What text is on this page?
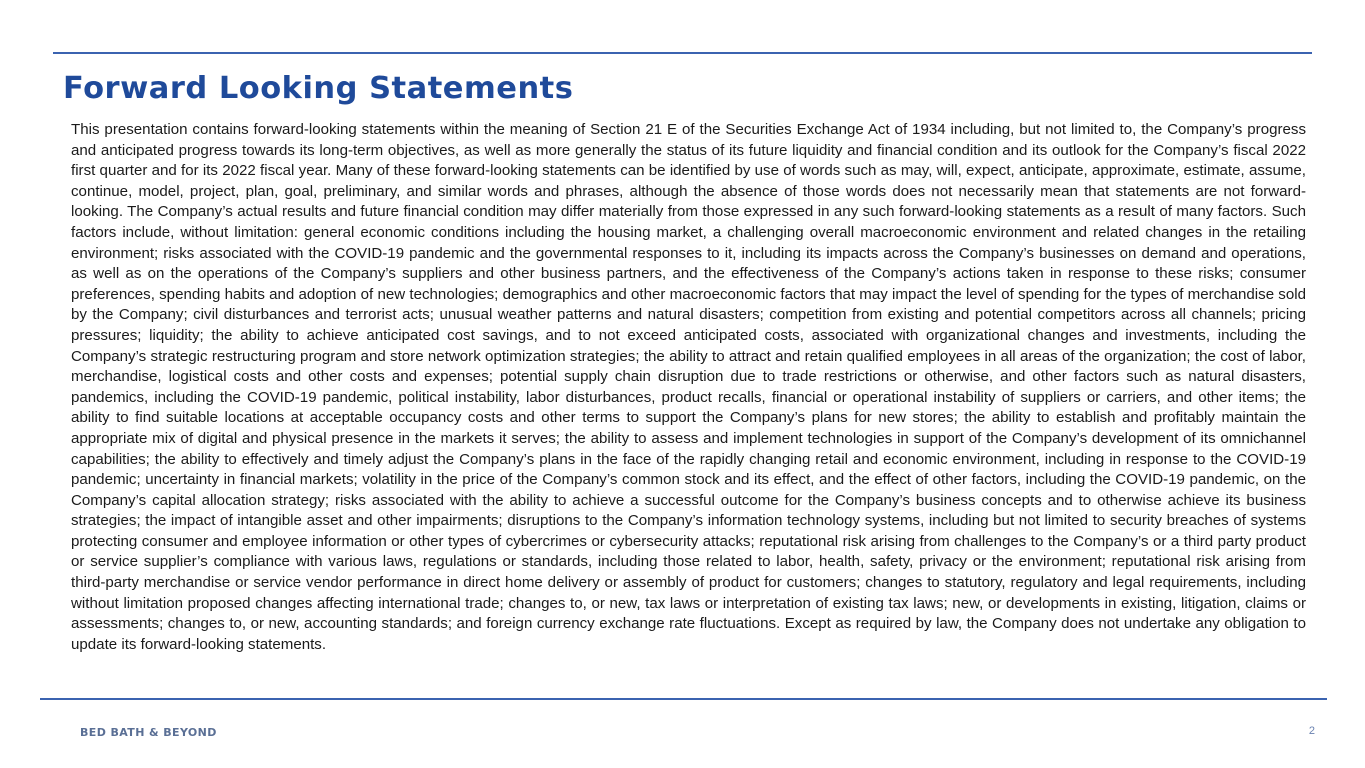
Forward Looking Statements

This presentation contains forward-looking statements within the meaning of Section 21 E of the Securities Exchange Act of 1934 including, but not limited to, the Company’s progress and anticipated progress towards its long-term objectives, as well as more generally the status of its future liquidity and financial condition and its outlook for the Company’s fiscal 2022 first quarter and for its 2022 fiscal year. Many of these forward-looking statements can be identified by use of words such as may, will, expect, anticipate, approximate, estimate, assume, continue, model, project, plan, goal, preliminary, and similar words and phrases, although the absence of those words does not necessarily mean that statements are not forward-looking. The Company’s actual results and future financial condition may differ materially from those expressed in any such forward-looking statements as a result of many factors. Such factors include, without limitation: general economic conditions including the housing market, a challenging overall macroeconomic environment and related changes in the retailing environment; risks associated with the COVID-19 pandemic and the governmental responses to it, including its impacts across the Company’s businesses on demand and operations, as well as on the operations of the Company’s suppliers and other business partners, and the effectiveness of the Company’s actions taken in response to these risks; consumer preferences, spending habits and adoption of new technologies; demographics and other macroeconomic factors that may impact the level of spending for the types of merchandise sold by the Company; civil disturbances and terrorist acts; unusual weather patterns and natural disasters; competition from existing and potential competitors across all channels; pricing pressures; liquidity; the ability to achieve anticipated cost savings, and to not exceed anticipated costs, associated with organizational changes and investments, including the Company’s strategic restructuring program and store network optimization strategies; the ability to attract and retain qualified employees in all areas of the organization; the cost of labor, merchandise, logistical costs and other costs and expenses; potential supply chain disruption due to trade restrictions or otherwise, and other factors such as natural disasters, pandemics, including the COVID-19 pandemic, political instability, labor disturbances, product recalls, financial or operational instability of suppliers or carriers, and other items; the ability to find suitable locations at acceptable occupancy costs and other terms to support the Company’s plans for new stores; the ability to establish and profitably maintain the appropriate mix of digital and physical presence in the markets it serves; the ability to assess and implement technologies in support of the Company’s development of its omnichannel capabilities; the ability to effectively and timely adjust the Company’s plans in the face of the rapidly changing retail and economic environment, including in response to the COVID-19 pandemic; uncertainty in financial markets; volatility in the price of the Company’s common stock and its effect, and the effect of other factors, including the COVID-19 pandemic, on the Company’s capital allocation strategy; risks associated with the ability to achieve a successful outcome for the Company’s business concepts and to otherwise achieve its business strategies; the impact of intangible asset and other impairments; disruptions to the Company’s information technology systems, including but not limited to security breaches of systems protecting consumer and employee information or other types of cybercrimes or cybersecurity attacks; reputational risk arising from challenges to the Company’s or a third party product or service supplier’s compliance with various laws, regulations or standards, including those related to labor, health, safety, privacy or the environment; reputational risk arising from third-party merchandise or service vendor performance in direct home delivery or assembly of product for customers; changes to statutory, regulatory and legal requirements, including without limitation proposed changes affecting international trade; changes to, or new, tax laws or interpretation of existing tax laws; new, or developments in existing, litigation, claims or assessments; changes to, or new, accounting standards; and foreign currency exchange rate fluctuations. Except as required by law, the Company does not undertake any obligation to update its forward-looking statements.

BED BATH & BEYOND	2
